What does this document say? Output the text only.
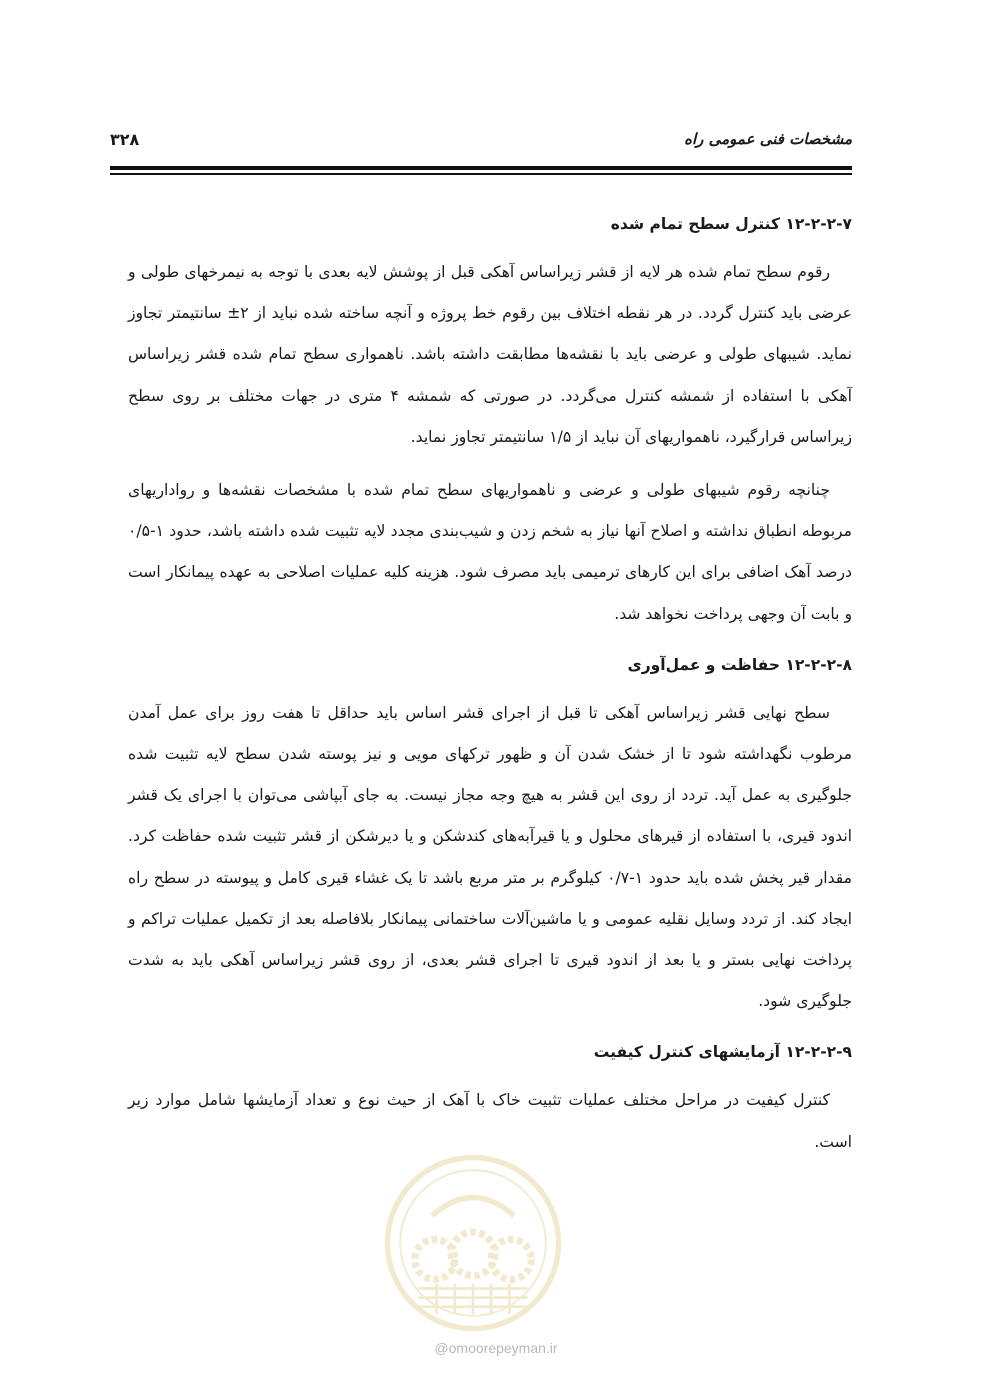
۳۲۸	مشخصات فنی عمومی راه
۱۲-۲-۲-۷ کنترل سطح تمام شده

رقوم سطح تمام شده هر لایه از قشر زیراساس آهکی قبل از پوشش لایه بعدی با توجه به نیمرخهای طولی و عرضی باید کنترل گردد. در هر نقطه اختلاف بین رقوم خط پروژه و آنچه ساخته شده نباید از ۲± سانتیمتر تجاوز نماید. شیبهای طولی و عرضی باید با نقشه‌ها مطابقت داشته باشد. ناهمواری سطح تمام شده قشر زیراساس آهکی با استفاده از شمشه کنترل می‌گردد. در صورتی که شمشه ۴ متری در جهات مختلف بر روی سطح زیراساس قرارگیرد، ناهمواریهای آن نباید از ۱/۵ سانتیمتر تجاوز نماید.

چنانچه رقوم شیبهای طولی و عرضی و ناهمواریهای سطح تمام شده با مشخصات نقشه‌ها و رواداریهای مربوطه انطباق نداشته و اصلاح آنها نیاز به شخم زدن و شیب‌بندی مجدد لایه تثبیت شده داشته باشد، حدود ۱-۰/۵ درصد آهک اضافی برای این کارهای ترمیمی باید مصرف شود. هزینه کلیه عملیات اصلاحی به عهده پیمانکار است و بابت آن وجهی پرداخت نخواهد شد.

۱۲-۲-۲-۸ حفاظت و عمل‌آوری

سطح نهایی قشر زیراساس آهکی تا قبل از اجرای قشر اساس باید حداقل تا هفت روز برای عمل آمدن مرطوب نگهداشته شود تا از خشک شدن آن و ظهور ترکهای مویی و نیز پوسته شدن سطح لایه تثبیت شده جلوگیری به عمل آید. تردد از روی این قشر به هیچ وجه مجاز نیست. به جای آبپاشی می‌توان با اجرای یک قشر اندود قیری، با استفاده از قیرهای محلول و یا قیرآبه‌های کندشکن و یا دیرشکن از قشر تثبیت شده حفاظت کرد. مقدار قیر پخش شده باید حدود ۱-۰/۷ کیلوگرم بر متر مربع باشد تا یک غشاء قیری کامل و پیوسته در سطح راه ایجاد کند. از تردد وسایل نقلیه عمومی و یا ماشین‌آلات ساختمانی پیمانکار بلافاصله بعد از تکمیل عملیات تراکم و پرداخت نهایی بستر و یا بعد از اندود قیری تا اجرای قشر بعدی، از روی قشر زیراساس آهکی باید به شدت جلوگیری شود.

۱۲-۲-۲-۹ آزمایشهای کنترل کیفیت

کنترل کیفیت در مراحل مختلف عملیات تثبیت خاک با آهک از حیث نوع و تعداد آزمایشها شامل موارد زیر است.

@omoorepeyman.ir
